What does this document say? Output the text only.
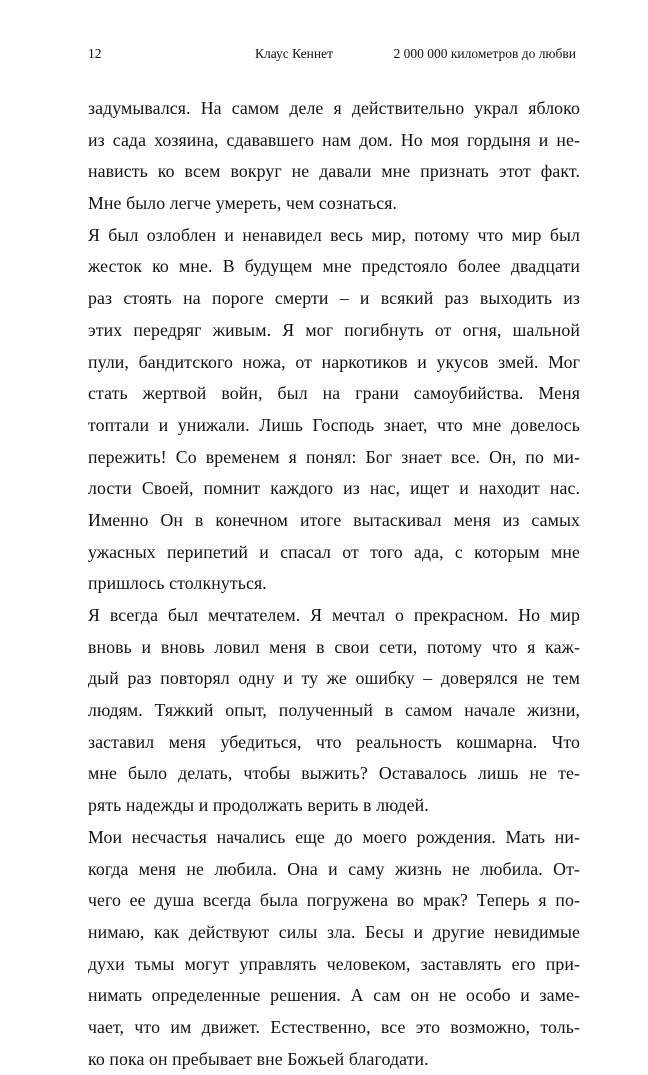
12	Клаус Кеннет	2 000 000 километров до любви
задумывался. На самом деле я действительно украл яблоко
из сада хозяина, сдававшего нам дом. Но моя гордыня и не-
нависть ко всем вокруг не давали мне признать этот факт.
Мне было легче умереть, чем сознаться.
Я был озлоблен и ненавидел весь мир, потому что мир был
жесток ко мне. В будущем мне предстояло более двадцати
раз стоять на пороге смерти – и всякий раз выходить из
этих передряг живым. Я мог погибнуть от огня, шальной
пули, бандитского ножа, от наркотиков и укусов змей. Мог
стать жертвой войн, был на грани самоубийства. Меня
топтали и унижали. Лишь Господь знает, что мне довелось
пережить! Со временем я понял: Бог знает все. Он, по ми-
лости Своей, помнит каждого из нас, ищет и находит нас.
Именно Он в конечном итоге вытаскивал меня из самых
ужасных перипетий и спасал от того ада, с которым мне
пришлось столкнуться.
Я всегда был мечтателем. Я мечтал о прекрасном. Но мир
вновь и вновь ловил меня в свои сети, потому что я каж-
дый раз повторял одну и ту же ошибку – доверялся не тем
людям. Тяжкий опыт, полученный в самом начале жизни,
заставил меня убедиться, что реальность кошмарна. Что
мне было делать, чтобы выжить? Оставалось лишь не те-
рять надежды и продолжать верить в людей.
Мои несчастья начались еще до моего рождения. Мать ни-
когда меня не любила. Она и саму жизнь не любила. От-
чего ее душа всегда была погружена во мрак? Теперь я по-
нимаю, как действуют силы зла. Бесы и другие невидимые
духи тьмы могут управлять человеком, заставлять его при-
нимать определенные решения. А сам он не особо и заме-
чает, что им движет. Естественно, все это возможно, толь-
ко пока он пребывает вне Божьей благодати.
